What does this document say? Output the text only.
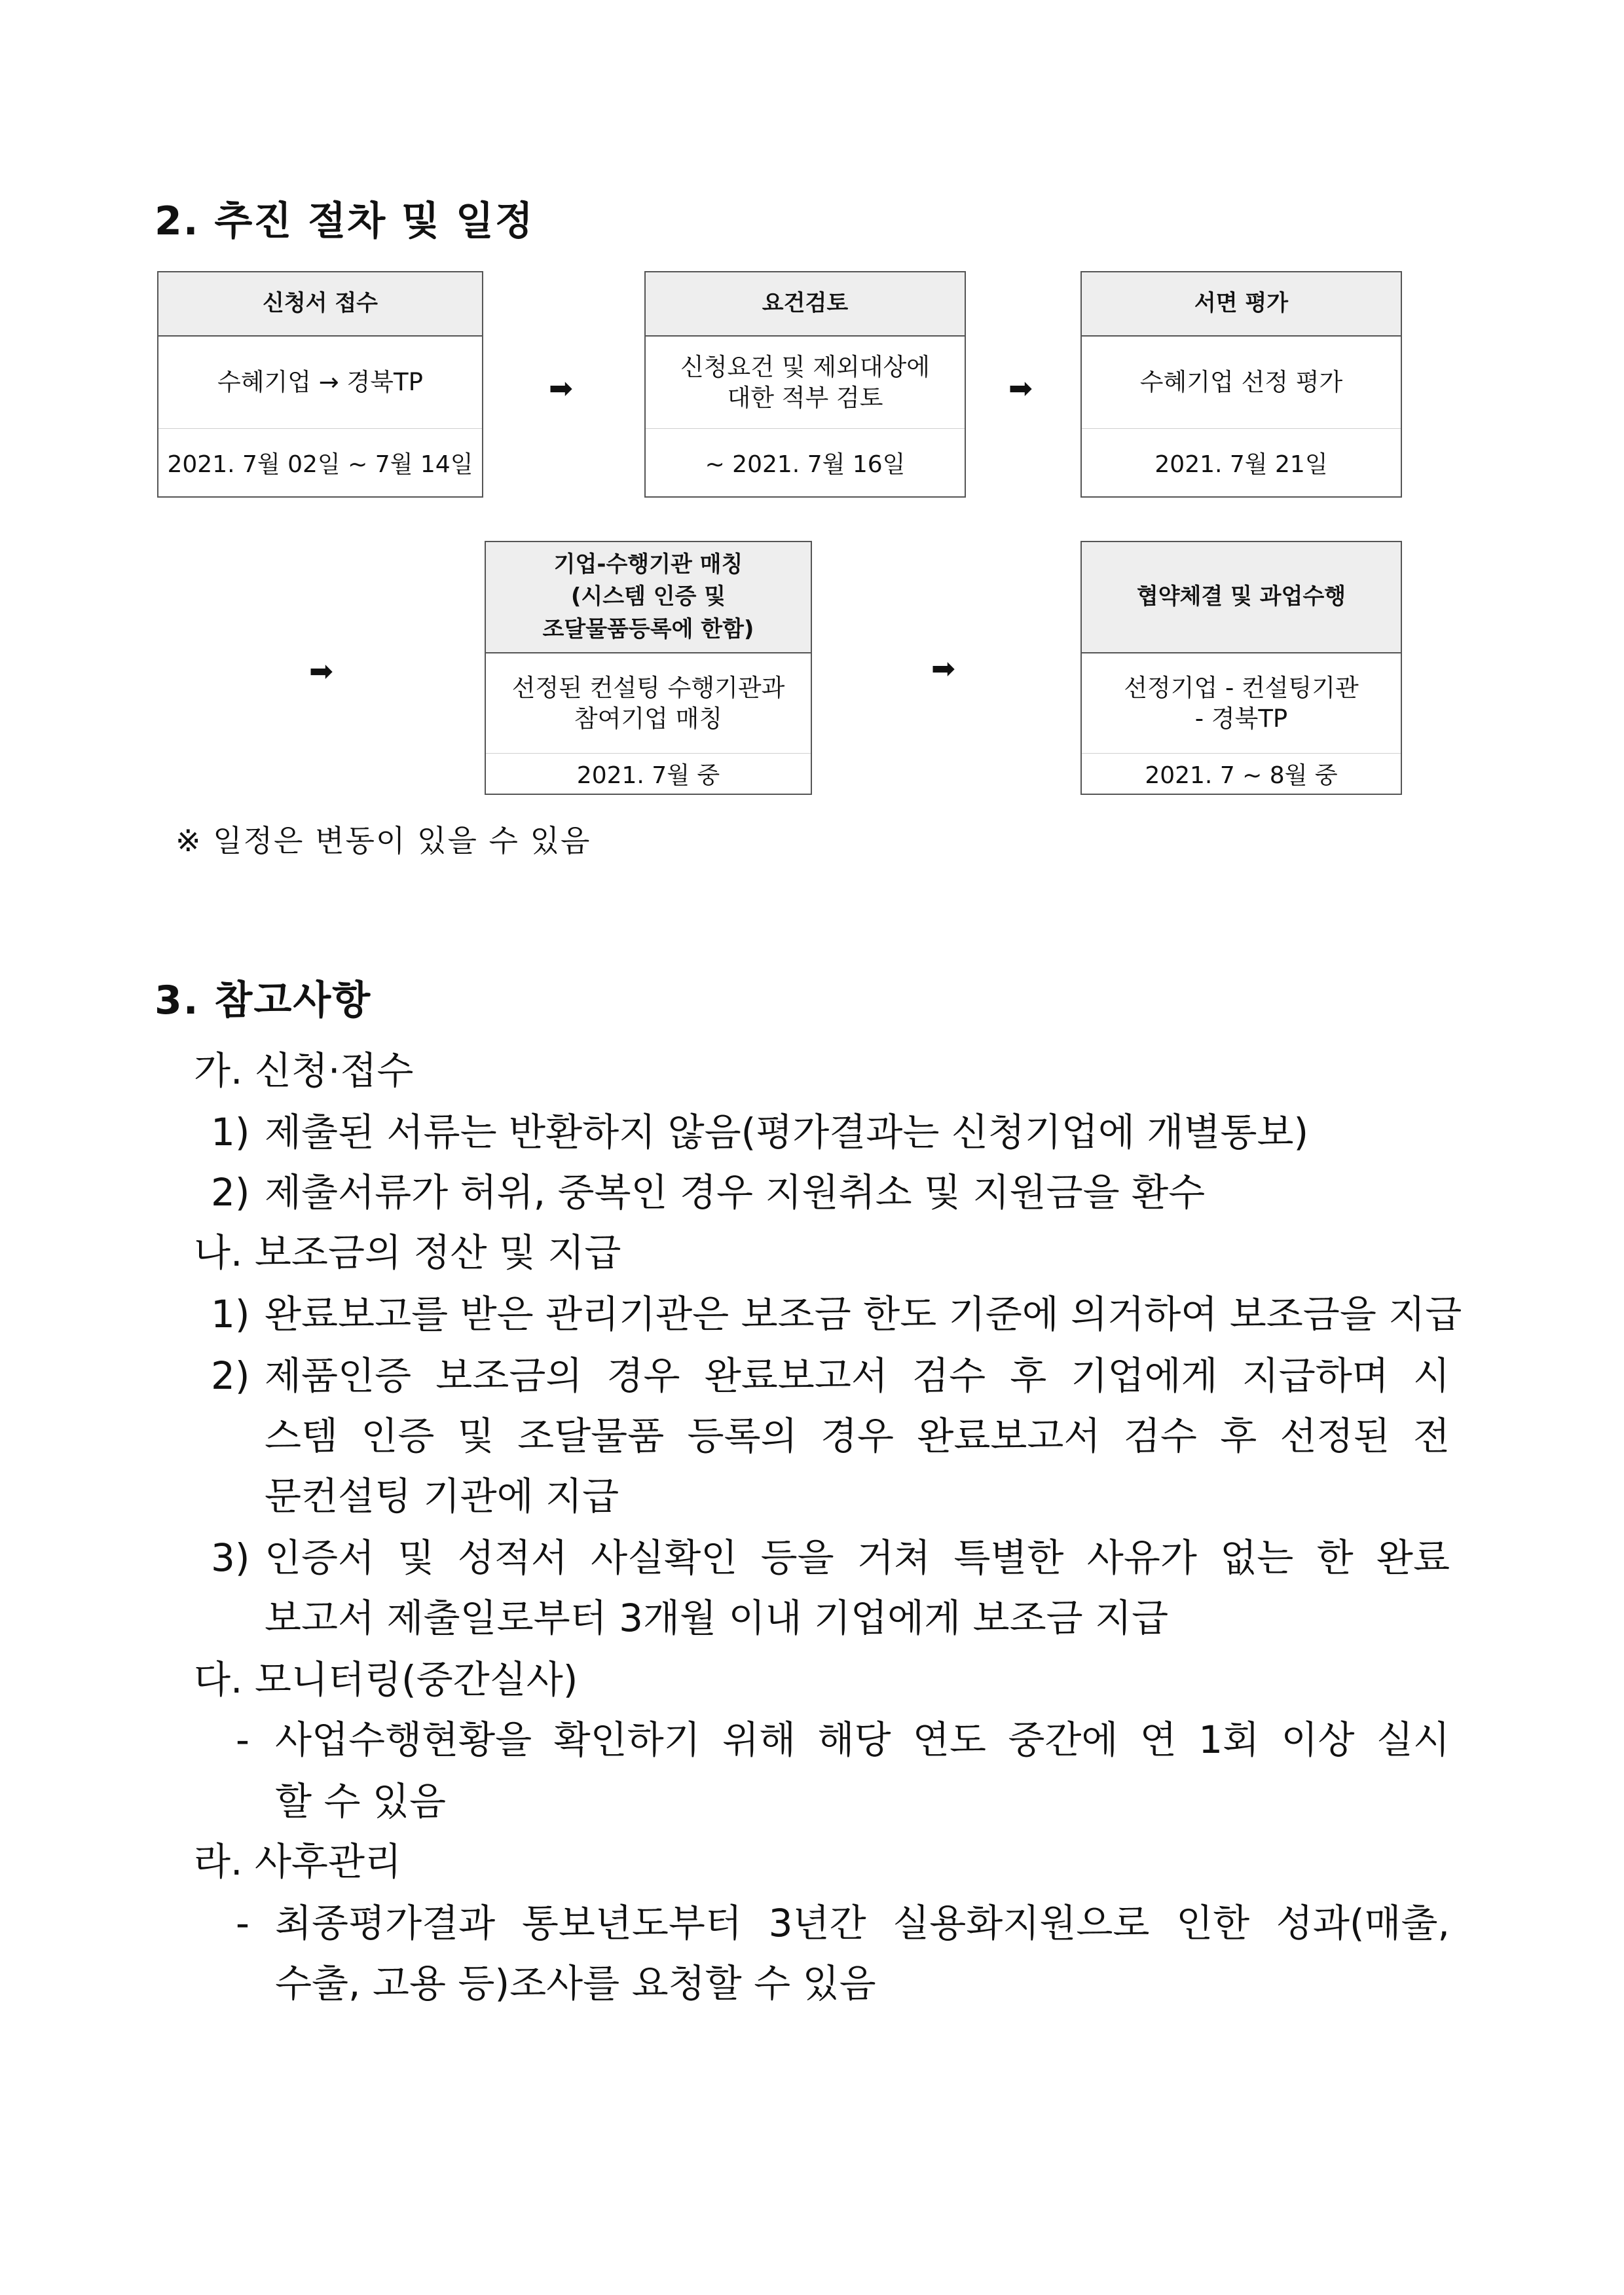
2. 추진 절차 및 일정
신청서 접수
수혜기업 → 경북TP
2021. 7월 02일 ~ 7월 14일
➡
요건검토
신청요건 및 제외대상에
대한 적부 검토
~ 2021. 7월 16일
➡
서면 평가
수혜기업 선정 평가
2021. 7월 21일
➡
기업-수행기관 매칭
(시스템 인증 및
조달물품등록에 한함)
선정된 컨설팅 수행기관과
참여기업 매칭
2021. 7월 중
➡
협약체결 및 과업수행
선정기업 - 컨설팅기관
- 경북TP
2021. 7 ~ 8월 중
※ 일정은 변동이 있을 수 있음
3. 참고사항
가. 신청·접수
1) 제출된 서류는 반환하지 않음(평가결과는 신청기업에 개별통보)
2) 제출서류가 허위, 중복인 경우 지원취소 및 지원금을 환수
나. 보조금의 정산 및 지급
1) 완료보고를 받은 관리기관은 보조금 한도 기준에 의거하여 보조금을 지급
2) 제품인증 보조금의 경우 완료보고서 검수 후 기업에게 지급하며 시
스템 인증 및 조달물품 등록의 경우 완료보고서 검수 후 선정된 전
문컨설팅 기관에 지급
3) 인증서 및 성적서 사실확인 등을 거쳐 특별한 사유가 없는 한 완료
보고서 제출일로부터 3개월 이내 기업에게 보조금 지급
다. 모니터링(중간실사)
- 사업수행현황을 확인하기 위해 해당 연도 중간에 연 1회 이상 실시
할 수 있음
라. 사후관리
- 최종평가결과 통보년도부터 3년간 실용화지원으로 인한 성과(매출,
수출, 고용 등)조사를 요청할 수 있음
